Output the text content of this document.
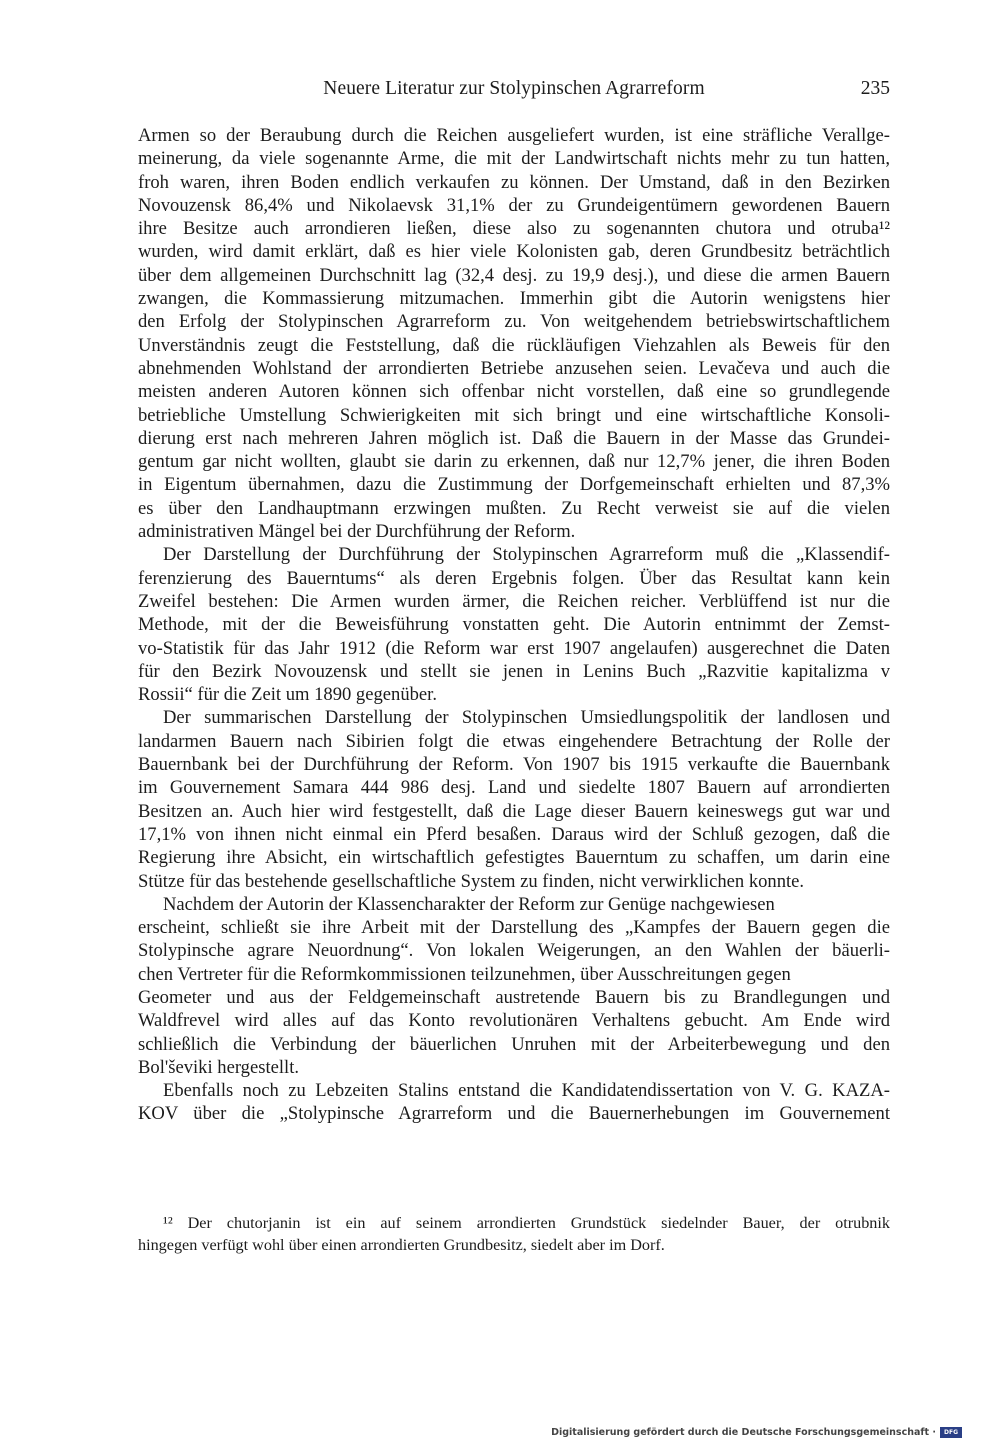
Neuere Literatur zur Stolypinschen Agrarreform	235
Armen so der Beraubung durch die Reichen ausgeliefert wurden, ist eine sträfliche Verallge-
meinerung, da viele sogenannte Arme, die mit der Landwirtschaft nichts mehr zu tun hatten,
froh waren, ihren Boden endlich verkaufen zu können. Der Umstand, daß in den Bezirken
Novouzensk 86,4% und Nikolaevsk 31,1% der zu Grundeigentümern gewordenen Bauern
ihre Besitze auch arrondieren ließen, diese also zu sogenannten chutora und otruba¹²
wurden, wird damit erklärt, daß es hier viele Kolonisten gab, deren Grundbesitz beträchtlich
über dem allgemeinen Durchschnitt lag (32,4 desj. zu 19,9 desj.), und diese die armen Bauern
zwangen, die Kommassierung mitzumachen. Immerhin gibt die Autorin wenigstens hier
den Erfolg der Stolypinschen Agrarreform zu. Von weitgehendem betriebswirtschaftlichem
Unverständnis zeugt die Feststellung, daß die rückläufigen Viehzahlen als Beweis für den
abnehmenden Wohlstand der arrondierten Betriebe anzusehen seien. Levačeva und auch die
meisten anderen Autoren können sich offenbar nicht vorstellen, daß eine so grundlegende
betriebliche Umstellung Schwierigkeiten mit sich bringt und eine wirtschaftliche Konsoli-
dierung erst nach mehreren Jahren möglich ist. Daß die Bauern in der Masse das Grundei-
gentum gar nicht wollten, glaubt sie darin zu erkennen, daß nur 12,7% jener, die ihren Boden
in Eigentum übernahmen, dazu die Zustimmung der Dorfgemeinschaft erhielten und 87,3%
es über den Landhauptmann erzwingen mußten. Zu Recht verweist sie auf die vielen
administrativen Mängel bei der Durchführung der Reform.
Der Darstellung der Durchführung der Stolypinschen Agrarreform muß die „Klassendif-
ferenzierung des Bauerntums“ als deren Ergebnis folgen. Über das Resultat kann kein
Zweifel bestehen: Die Armen wurden ärmer, die Reichen reicher. Verblüffend ist nur die
Methode, mit der die Beweisführung vonstatten geht. Die Autorin entnimmt der Zemst-
vo-Statistik für das Jahr 1912 (die Reform war erst 1907 angelaufen) ausgerechnet die Daten
für den Bezirk Novouzensk und stellt sie jenen in Lenins Buch „Razvitie kapitalizma v
Rossii“ für die Zeit um 1890 gegenüber.
Der summarischen Darstellung der Stolypinschen Umsiedlungspolitik der landlosen und
landarmen Bauern nach Sibirien folgt die etwas eingehendere Betrachtung der Rolle der
Bauernbank bei der Durchführung der Reform. Von 1907 bis 1915 verkaufte die Bauernbank
im Gouvernement Samara 444 986 desj. Land und siedelte 1807 Bauern auf arrondierten
Besitzen an. Auch hier wird festgestellt, daß die Lage dieser Bauern keineswegs gut war und
17,1% von ihnen nicht einmal ein Pferd besaßen. Daraus wird der Schluß gezogen, daß die
Regierung ihre Absicht, ein wirtschaftlich gefestigtes Bauerntum zu schaffen, um darin eine
Stütze für das bestehende gesellschaftliche System zu finden, nicht verwirklichen konnte.
Nachdem der Autorin der Klassencharakter der Reform zur Genüge nachgewiesen
erscheint, schließt sie ihre Arbeit mit der Darstellung des „Kampfes der Bauern gegen die
Stolypinsche agrare Neuordnung“. Von lokalen Weigerungen, an den Wahlen der bäuerli-
chen Vertreter für die Reformkommissionen teilzunehmen, über Ausschreitungen gegen
Geometer und aus der Feldgemeinschaft austretende Bauern bis zu Brandlegungen und
Waldfrevel wird alles auf das Konto revolutionären Verhaltens gebucht. Am Ende wird
schließlich die Verbindung der bäuerlichen Unruhen mit der Arbeiterbewegung und den
Bol'ševiki hergestellt.
Ebenfalls noch zu Lebzeiten Stalins entstand die Kandidatendissertation von V. G. KAZA-
KOV über die „Stolypinsche Agrarreform und die Bauernerhebungen im Gouvernement
¹² Der chutorjanin ist ein auf seinem arrondierten Grundstück siedelnder Bauer, der otrubnik
hingegen verfügt wohl über einen arrondierten Grundbesitz, siedelt aber im Dorf.
Digitalisierung gefördert durch die Deutsche Forschungsgemeinschaft ·	DFG
